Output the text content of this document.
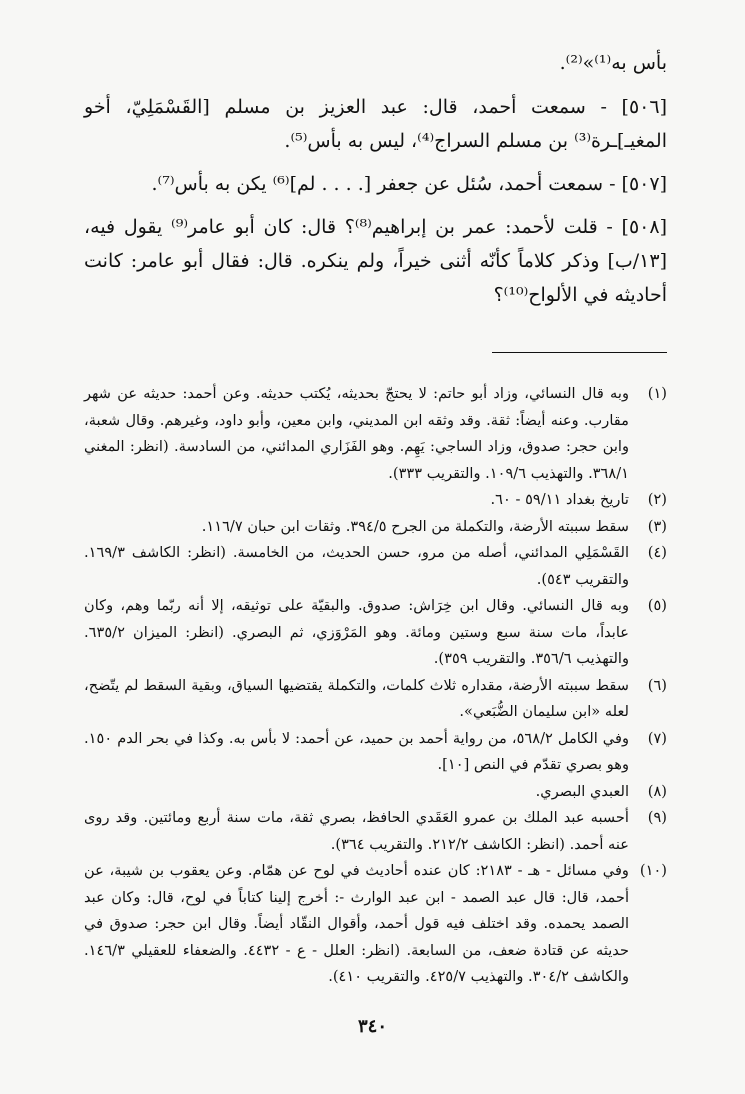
بأس به⁽¹⁾»⁽²⁾.

[٥٠٦] - سمعت أحمد، قال: عبد العزيز بن مسلم [القَسْمَلِيّ، أخو المغيـ]ـرة⁽³⁾ بن مسلم السراج⁽⁴⁾، ليس به بأس⁽⁵⁾.

[٥٠٧] - سمعت أحمد، سُئل عن جعفر [. . . . لم]⁽⁶⁾ يكن به بأس⁽⁷⁾.

[٥٠٨] - قلت لأحمد: عمر بن إبراهيم⁽⁸⁾؟ قال: كان أبو عامر⁽⁹⁾ يقول فيه، [١٣/ب] وذكر كلاماً كأنّه أثنى خيراً، ولم ينكره. قال: فقال أبو عامر: كانت أحاديثه في الألواح⁽¹⁰⁾؟

(١)
وبه قال النسائي، وزاد أبو حاتم: لا يحتجّ بحديثه، يُكتب حديثه. وعن أحمد: حديثه عن شهر مقارب. وعنه أيضاً: ثقة. وقد وثقه ابن المديني، وابن معين، وأبو داود، وغيرهم. وقال شعبة، وابن حجر: صدوق، وزاد الساجي: يَهِم. وهو الفَزَاري المدائني، من السادسة. (انظر: المغني ٣٦٨/١. والتهذيب ١٠٩/٦. والتقريب ٣٣٣).
(٢)
تاريخ بغداد ٥٩/١١ - ٦٠.
(٣)
سقط سببته الأرضة، والتكملة من الجرح ٣٩٤/٥. وثقات ابن حبان ١١٦/٧.
(٤)
القَسْمَلِي المدائني، أصله من مرو، حسن الحديث، من الخامسة. (انظر: الكاشف ١٦٩/٣. والتقريب ٥٤٣).
(٥)
وبه قال النسائي. وقال ابن خِرَاش: صدوق. والبقيّة على توثيقه، إلا أنه ربّما وهم، وكان عابداً، مات سنة سبع وستين ومائة. وهو المَرْوَزي، ثم البصري. (انظر: الميزان ٦٣٥/٢. والتهذيب ٣٥٦/٦. والتقريب ٣٥٩).
(٦)
سقط سببته الأرضة، مقداره ثلاث كلمات، والتكملة يقتضيها السياق، وبقية السقط لم يتّضح، لعله «ابن سليمان الضُّبَعي».
(٧)
وفي الكامل ٥٦٨/٢، من رواية أحمد بن حميد، عن أحمد: لا بأس به. وكذا في بحر الدم ١٥٠. وهو بصري تقدّم في النص [١٠].
(٨)
العبدي البصري.
(٩)
أحسبه عبد الملك بن عمرو العَقَدي الحافظ، بصري ثقة، مات سنة أربع ومائتين. وقد روى عنه أحمد. (انظر: الكاشف ٢١٢/٢. والتقريب ٣٦٤).
(١٠)
وفي مسائل - هـ - ٢١٨٣: كان عنده أحاديث في لوح عن همّام. وعن يعقوب بن شيبة، عن أحمد، قال: قال عبد الصمد - ابن عبد الوارث -: أخرج إلينا كتاباً في لوح، قال: وكان عبد الصمد يحمده. وقد اختلف فيه قول أحمد، وأقوال النقّاد أيضاً. وقال ابن حجر: صدوق في حديثه عن قتادة ضعف، من السابعة. (انظر: العلل - ع - ٤٤٣٢. والضعفاء للعقيلي ١٤٦/٣. والكاشف ٣٠٤/٢. والتهذيب ٤٢٥/٧. والتقريب ٤١٠).
٣٤٠
